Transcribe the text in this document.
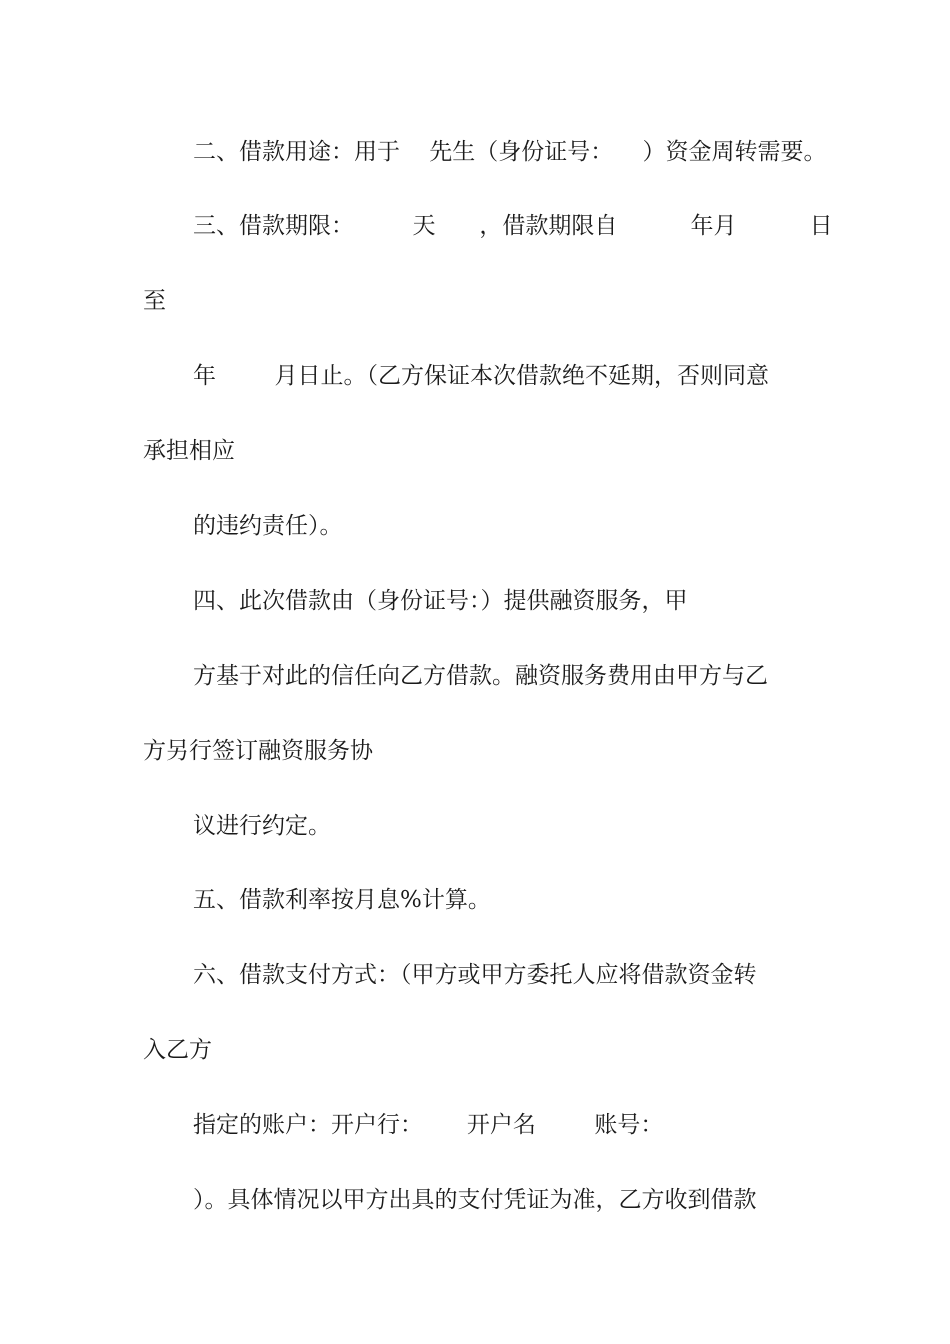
二、借款用途：用于    先生（身份证号：    ）资金周转需要。
三、借款期限：        天      ，借款期限自          年月          日
至
年        月日止。（乙方保证本次借款绝不延期，否则同意
承担相应
的违约责任）。
四、此次借款由（身份证号：）提供融资服务，甲
方基于对此的信任向乙方借款。融资服务费用由甲方与乙
方另行签订融资服务协
议进行约定。
五、借款利率按月息%计算。
六、借款支付方式：（甲方或甲方委托人应将借款资金转
入乙方
指定的账户：开户行：      开户名        账号：
）。具体情况以甲方出具的支付凭证为准，乙方收到借款
